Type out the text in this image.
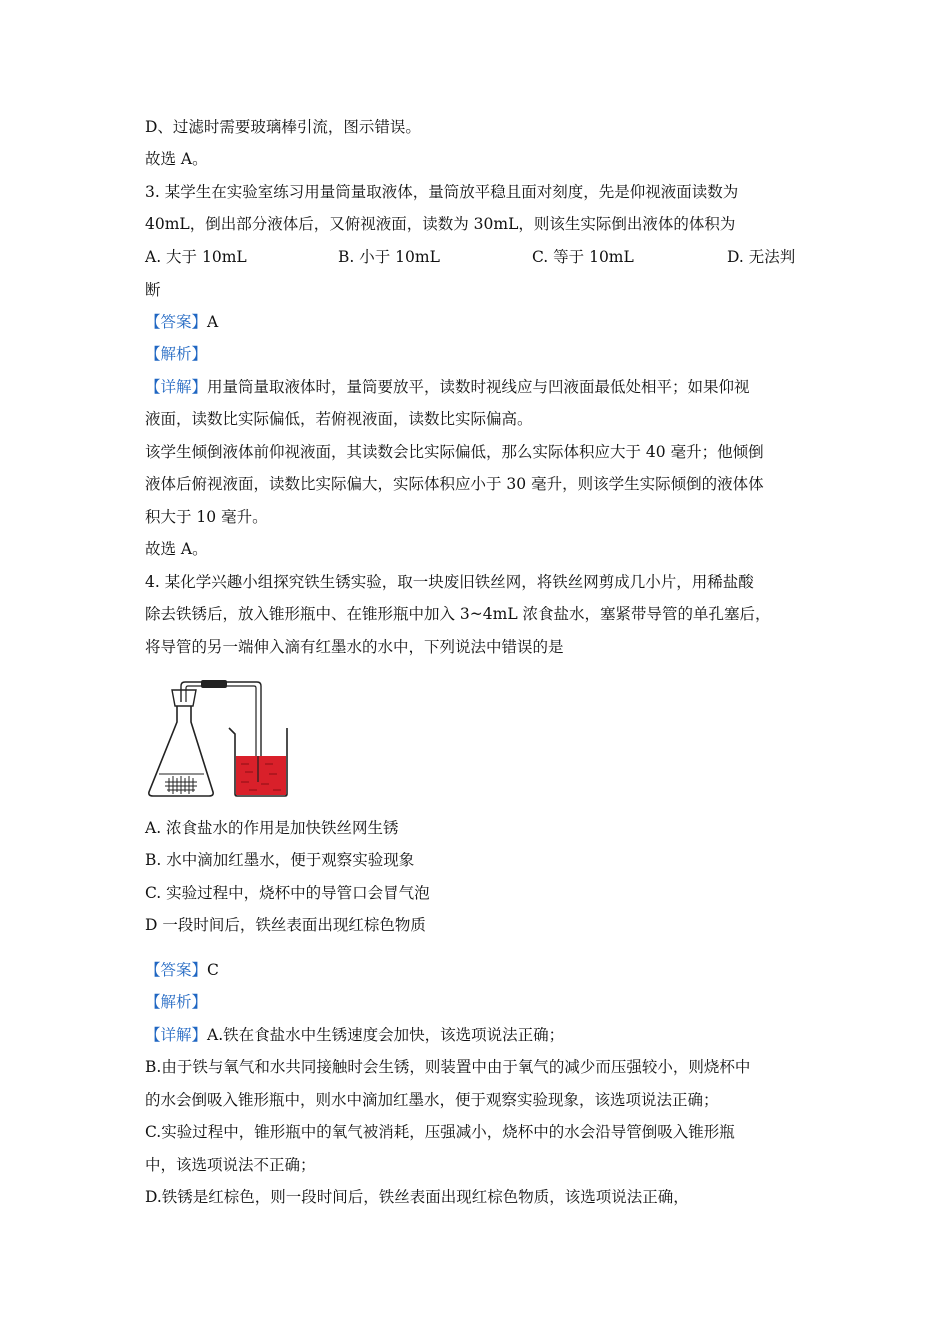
D、过滤时需要玻璃棒引流，图示错误。
故选 A。
3. 某学生在实验室练习用量筒量取液体，量筒放平稳且面对刻度，先是仰视液面读数为
40mL，倒出部分液体后，又俯视液面，读数为 30mL，则该生实际倒出液体的体积为
A. 大于 10mL	B. 小于 10mL	C. 等于 10mL	D. 无法判
断
【答案】A
【解析】
【详解】用量筒量取液体时，量筒要放平，读数时视线应与凹液面最低处相平；如果仰视
液面，读数比实际偏低，若俯视液面，读数比实际偏高。
该学生倾倒液体前仰视液面，其读数会比实际偏低，那么实际体积应大于 40 毫升；他倾倒
液体后俯视液面，读数比实际偏大，实际体积应小于 30 毫升，则该学生实际倾倒的液体体
积大于 10 毫升。
故选 A。
4. 某化学兴趣小组探究铁生锈实验，取一块废旧铁丝网，将铁丝网剪成几小片，用稀盐酸
除去铁锈后，放入锥形瓶中、在锥形瓶中加入 3~4mL 浓食盐水，塞紧带导管的单孔塞后，
将导管的另一端伸入滴有红墨水的水中，下列说法中错误的是
A. 浓食盐水的作用是加快铁丝网生锈
B. 水中滴加红墨水，便于观察实验现象
C. 实验过程中，烧杯中的导管口会冒气泡
D 一段时间后，铁丝表面出现红棕色物质
【答案】C
【解析】
【详解】A.铁在食盐水中生锈速度会加快，该选项说法正确；
B.由于铁与氧气和水共同接触时会生锈，则装置中由于氧气的减少而压强较小，则烧杯中
的水会倒吸入锥形瓶中，则水中滴加红墨水，便于观察实验现象，该选项说法正确；
C.实验过程中，锥形瓶中的氧气被消耗，压强减小，烧杯中的水会沿导管倒吸入锥形瓶
中，该选项说法不正确；
D.铁锈是红棕色，则一段时间后，铁丝表面出现红棕色物质，该选项说法正确，
